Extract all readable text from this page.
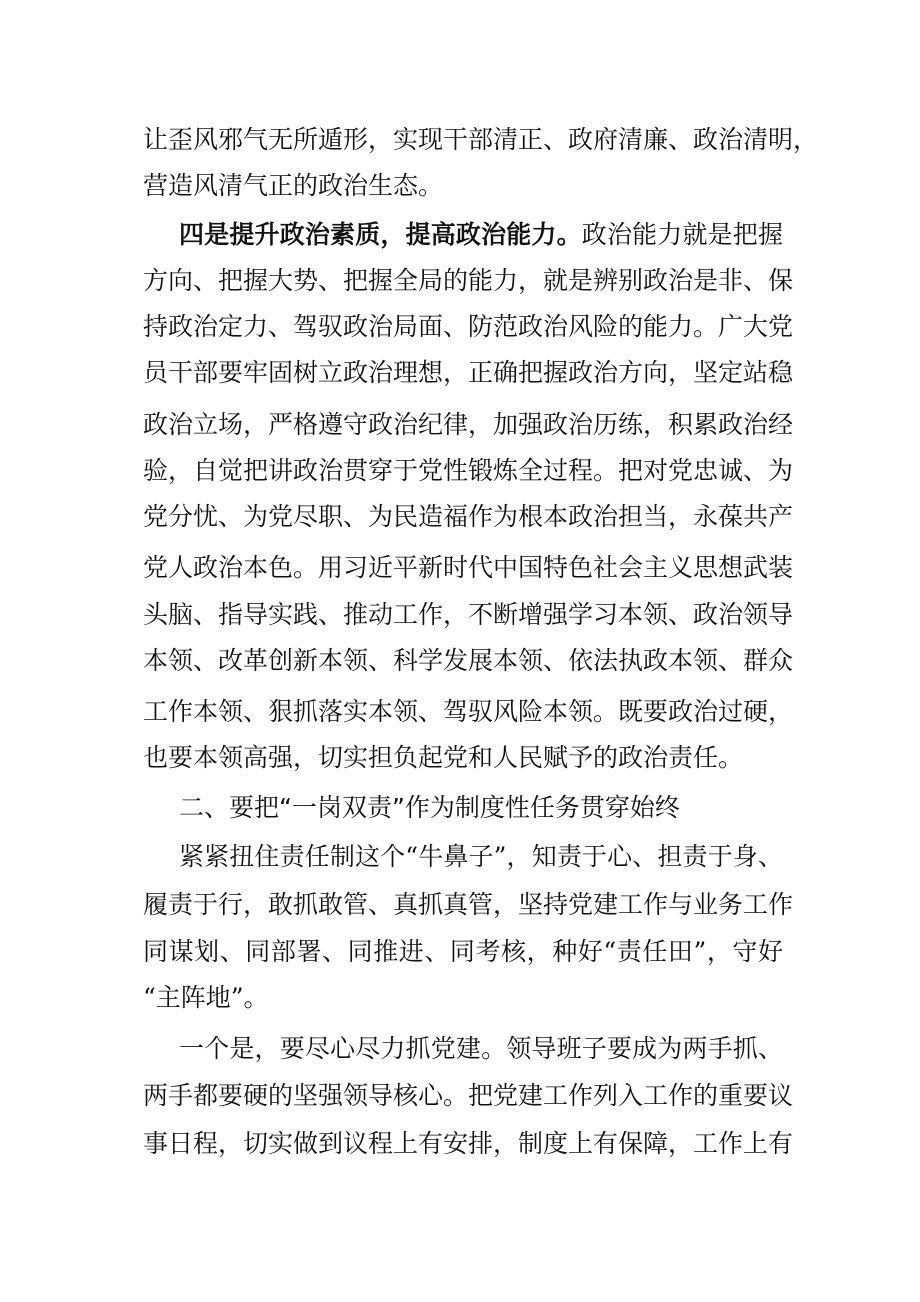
让歪风邪气无所遁形，实现干部清正、政府清廉、政治清明，
营造风清气正的政治生态。
四是提升政治素质，提高政治能力。政治能力就是把握
方向、把握大势、把握全局的能力，就是辨别政治是非、保
持政治定力、驾驭政治局面、防范政治风险的能力。广大党
员干部要牢固树立政治理想，正确把握政治方向，坚定站稳
政治立场，严格遵守政治纪律，加强政治历练，积累政治经
验，自觉把讲政治贯穿于党性锻炼全过程。把对党忠诚、为
党分忧、为党尽职、为民造福作为根本政治担当，永葆共产
党人政治本色。用习近平新时代中国特色社会主义思想武装
头脑、指导实践、推动工作，不断增强学习本领、政治领导
本领、改革创新本领、科学发展本领、依法执政本领、群众
工作本领、狠抓落实本领、驾驭风险本领。既要政治过硬，
也要本领高强，切实担负起党和人民赋予的政治责任。
二、要把“一岗双责”作为制度性任务贯穿始终
紧紧扭住责任制这个“牛鼻子”，知责于心、担责于身、
履责于行，敢抓敢管、真抓真管，坚持党建工作与业务工作
同谋划、同部署、同推进、同考核，种好“责任田”，守好
“主阵地”。
一个是，要尽心尽力抓党建。领导班子要成为两手抓、
两手都要硬的坚强领导核心。把党建工作列入工作的重要议
事日程，切实做到议程上有安排，制度上有保障，工作上有
